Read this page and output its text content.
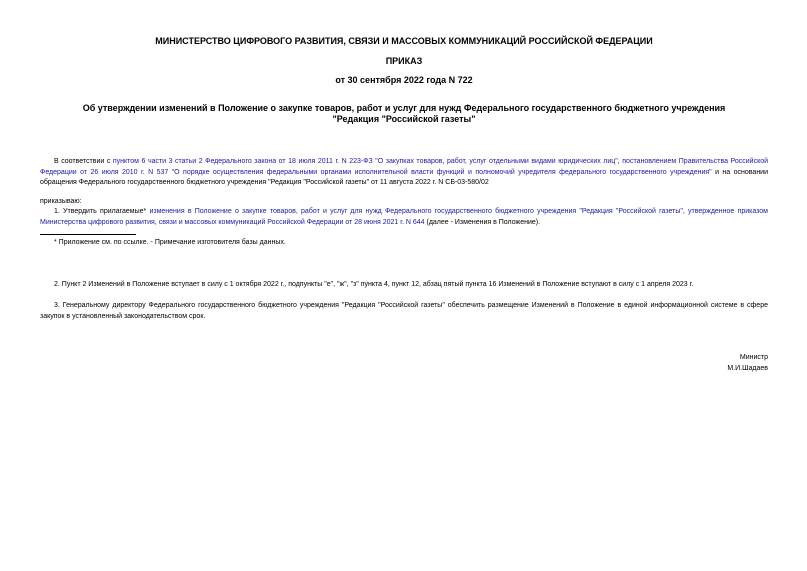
МИНИСТЕРСТВО ЦИФРОВОГО РАЗВИТИЯ, СВЯЗИ И МАССОВЫХ КОММУНИКАЦИЙ РОССИЙСКОЙ ФЕДЕРАЦИИ
ПРИКАЗ
от 30 сентября 2022 года N 722
Об утверждении изменений в Положение о закупке товаров, работ и услуг для нужд Федерального государственного бюджетного учреждения "Редакция "Российской газеты"

В соответствии с пунктом 6 части 3 статьи 2 Федерального закона от 18 июля 2011 г. N 223-ФЗ "О закупках товаров, работ, услуг отдельными видами юридических лиц", постановлением Правительства Российской Федерации от 26 июля 2010 г. N 537 "О порядке осуществления федеральными органами исполнительной власти функций и полномочий учредителя федерального государственного учреждения" и на основании обращения Федерального государственного бюджетного учреждения "Редакция "Российской газеты" от 11 августа 2022 г. N СБ-03-580/02

приказываю:

1. Утвердить прилагаемые* изменения в Положение о закупке товаров, работ и услуг для нужд Федерального государственного бюджетного учреждения "Редакция "Российской газеты", утвержденное приказом Министерства цифрового развития, связи и массовых коммуникаций Российской Федерации от 28 июня 2021 г. N 644 (далее - Изменения в Положение).

* Приложение см. по ссылке. - Примечание изготовителя базы данных.

2. Пункт 2 Изменений в Положение вступает в силу с 1 октября 2022 г., подпункты "е", "ж", "з" пункта 4, пункт 12, абзац пятый пункта 16 Изменений в Положение вступают в силу с 1 апреля 2023 г.

3. Генеральному директору Федерального государственного бюджетного учреждения "Редакция "Российской газеты" обеспечить размещение Изменений в Положение в единой информационной системе в сфере закупок в установленный законодательством срок.

Министр
М.И.Шадаев
